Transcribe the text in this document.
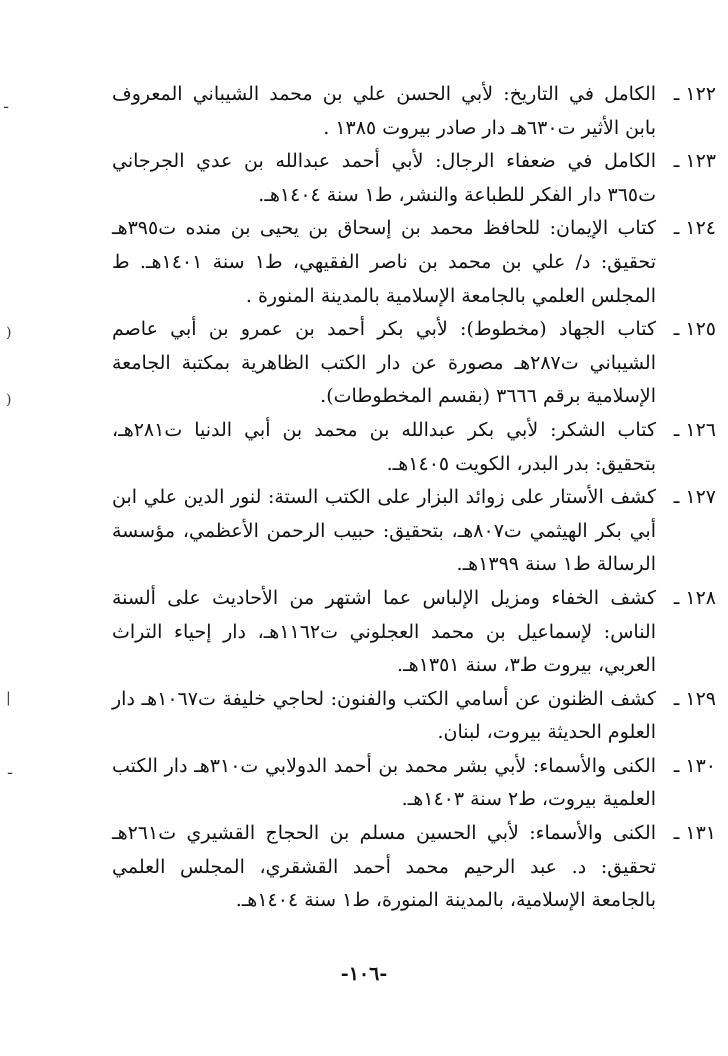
١٢٢ ـ
الكامل في التاريخ: لأبي الحسن علي بن محمد الشيباني المعروف بابن الأثير ت٦٣٠هـ دار صادر بيروت ١٣٨٥ .

١٢٣ ـ
الكامل في ضعفاء الرجال: لأبي أحمد عبدالله بن عدي الجرجاني ت٣٦٥ دار الفكر للطباعة والنشر، ط١ سنة ١٤٠٤هـ.

١٢٤ ـ
كتاب الإيمان: للحافظ محمد بن إسحاق بن يحيى بن منده ت٣٩٥هـ تحقيق: د/ علي بن محمد بن ناصر الفقيهي، ط١ سنة ١٤٠١هـ. ط المجلس العلمي بالجامعة الإسلامية بالمدينة المنورة .

١٢٥ ـ
كتاب الجهاد (مخطوط): لأبي بكر أحمد بن عمرو بن أبي عاصم الشيباني ت٢٨٧هـ مصورة عن دار الكتب الظاهرية بمكتبة الجامعة الإسلامية برقم ٣٦٦٦ (بقسم المخطوطات).

١٢٦ ـ
كتاب الشكر: لأبي بكر عبدالله بن محمد بن أبي الدنيا ت٢٨١هـ، بتحقيق: بدر البدر، الكويت ١٤٠٥هـ.

١٢٧ ـ
كشف الأستار على زوائد البزار على الكتب الستة: لنور الدين علي ابن أبي بكر الهيثمي ت٨٠٧هـ، بتحقيق: حبيب الرحمن الأعظمي، مؤسسة الرسالة ط١ سنة ١٣٩٩هـ.

١٢٨ ـ
كشف الخفاء ومزيل الإلباس عما اشتهر من الأحاديث على ألسنة الناس: لإسماعيل بن محمد العجلوني ت١١٦٢هـ، دار إحياء التراث العربي، بيروت ط٣، سنة ١٣٥١هـ.

١٢٩ ـ
كشف الظنون عن أسامي الكتب والفنون: لحاجي خليفة ت١٠٦٧هـ دار العلوم الحديثة بيروت، لبنان.

١٣٠ ـ
الكنى والأسماء: لأبي بشر محمد بن أحمد الدولابي ت٣١٠هـ دار الكتب العلمية بيروت، ط٢ سنة ١٤٠٣هـ.

١٣١ ـ
الكنى والأسماء: لأبي الحسين مسلم بن الحجاج القشيري ت٢٦١هـ تحقيق: د. عبد الرحيم محمد أحمد القشقري، المجلس العلمي بالجامعة الإسلامية، بالمدينة المنورة، ط١ سنة ١٤٠٤هـ.

-١٠٦-
ـ
)
)
|
ـ
